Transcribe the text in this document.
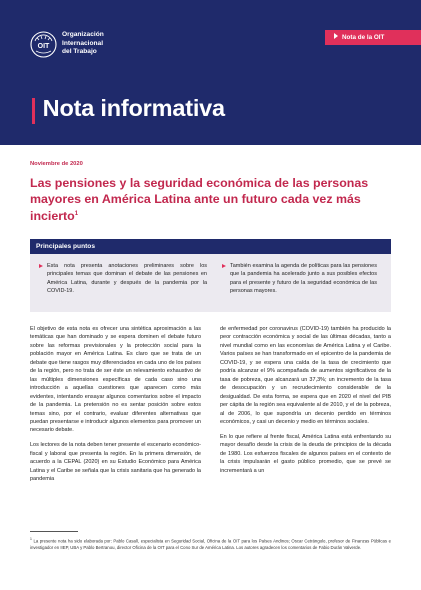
OIT
Organización
Internacional
del Trabajo
Nota de la OIT
Nota informativa
Noviembre de 2020
Las pensiones y la seguridad económica de las personas mayores en América Latina ante un futuro cada vez más incierto$^1$
Principales puntos
Esta nota presenta anotaciones preliminares sobre los principales temas que dominan el debate de las pensiones en América Latina, durante y después de la pandemia por la COVID-19.
También examina la agenda de políticas para las pensiones que la pandemia ha acelerado junto a sus posibles efectos para el presente y futuro de la seguridad económica de las personas mayores.

El objetivo de esta nota es ofrecer una sintética aproximación a las temáticas que han dominado y se espera dominen el debate futuro sobre las reformas previsionales y la protección social para la población mayor en América Latina. Es claro que se trata de un debate que tiene rasgos muy diferenciados en cada uno de los países de la región, pero no trata de ser éste un relevamiento exhaustivo de las múltiples dimensiones específicas de cada caso sino una introducción a aquellas cuestiones que aparecen como más evidentes, intentando ensayar algunos comentarios sobre el impacto de la pandemia. La pretensión no es sentar posición sobre estos temas sino, por el contrario, evaluar diferentes alternativas que puedan presentarse e introducir algunos elementos para promover un necesario debate.

Los lectores de la nota deben tener presente el escenario económico-fiscal y laboral que presenta la región. En la primera dimensión, de acuerdo a la CEPAL (2020) en su Estudio Económico para América Latina y el Caribe se señala que la crisis sanitaria que ha generado la pandemia

de enfermedad por coronavirus (COVID-19) también ha producido la peor contracción económica y social de las últimas décadas, tanto a nivel mundial como en las economías de América Latina y el Caribe. Varios países se han transformado en el epicentro de la pandemia de COVID-19, y se espera una caída de la tasa de crecimiento que podría alcanzar el 9% acompañada de aumentos significativos de la tasa de pobreza, que alcanzará un 37,3%; un incremento de la tasa de desocupación y un recrudecimiento considerable de la desigualdad. De esta forma, se espera que en 2020 el nivel del PIB per cápita de la región sea equivalente al de 2010, y el de la pobreza, al de 2006, lo que supondría un decenio perdido en términos económicos, y casi un decenio y medio en términos sociales.

En lo que refiere al frente fiscal, América Latina está enfrentando su mayor desafío desde la crisis de la deuda de principios de la década de 1980. Los esfuerzos fiscales de algunos países en el contexto de la crisis impulsarán el gasto público promedio, que se prevé se incrementará a un

$^1$ La presente nota ha sido elaborada por: Pablo Casalí, especialista en Seguridad Social, Oficina de la OIT para los Países Andinos; Oscar Cetrángolo, profesor de Finanzas Públicas e investigador en IIEP, UBA y Pablo Bertranou, director Oficina de la OIT para el Cono Sur de América Latina. Los autores agradecen los comentarios de Fabio Durán Valverde.
